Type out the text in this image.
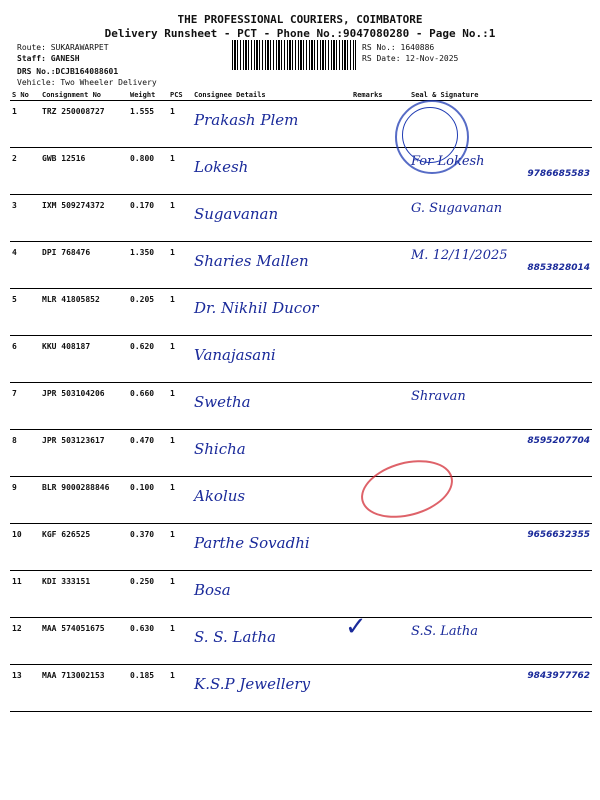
THE PROFESSIONAL COURIERS, COIMBATORE
Delivery Runsheet - PCT - Phone No.:9047080280 - Page No.:1
Route: SUKARAWARPET
Staff: GANESH
DRS No.:DCJB164088601
Vehicle: Two Wheeler Delivery
RS No.: 1640886
RS Date: 12-Nov-2025
S No	Consignment No	Weight	PCS	Consignee Details	Remarks	Seal & Signature
1	TRZ 250008727	1.555	1	Prakash Plem		

2	GWB 12516	0.800	1	Lokesh		For Lokesh
9786685583

3	IXM 509274372	0.170	1	Sugavanan		G. Sugavanan

4	DPI 768476	1.350	1	Sharies Mallen		M. 12/11/2025
8853828014

5	MLR 41805852	0.205	1	Dr. Nikhil Ducor		

6	KKU 408187	0.620	1	Vanajasani		

7	JPR 503104206	0.660	1	Swetha		Shravan

8	JPR 503123617	0.470	1	Shicha		8595207704

9	BLR 9000288846	0.100	1	Akolus		

10	KGF 626525	0.370	1	Parthe Sovadhi		9656632355

11	KDI 333151	0.250	1	Bosa		

12	MAA 574051675	0.630	1	S. S. Latha		S.S. Latha

13	MAA 713002153	0.185	1	K.S.P Jewellery		9843977762
✓
